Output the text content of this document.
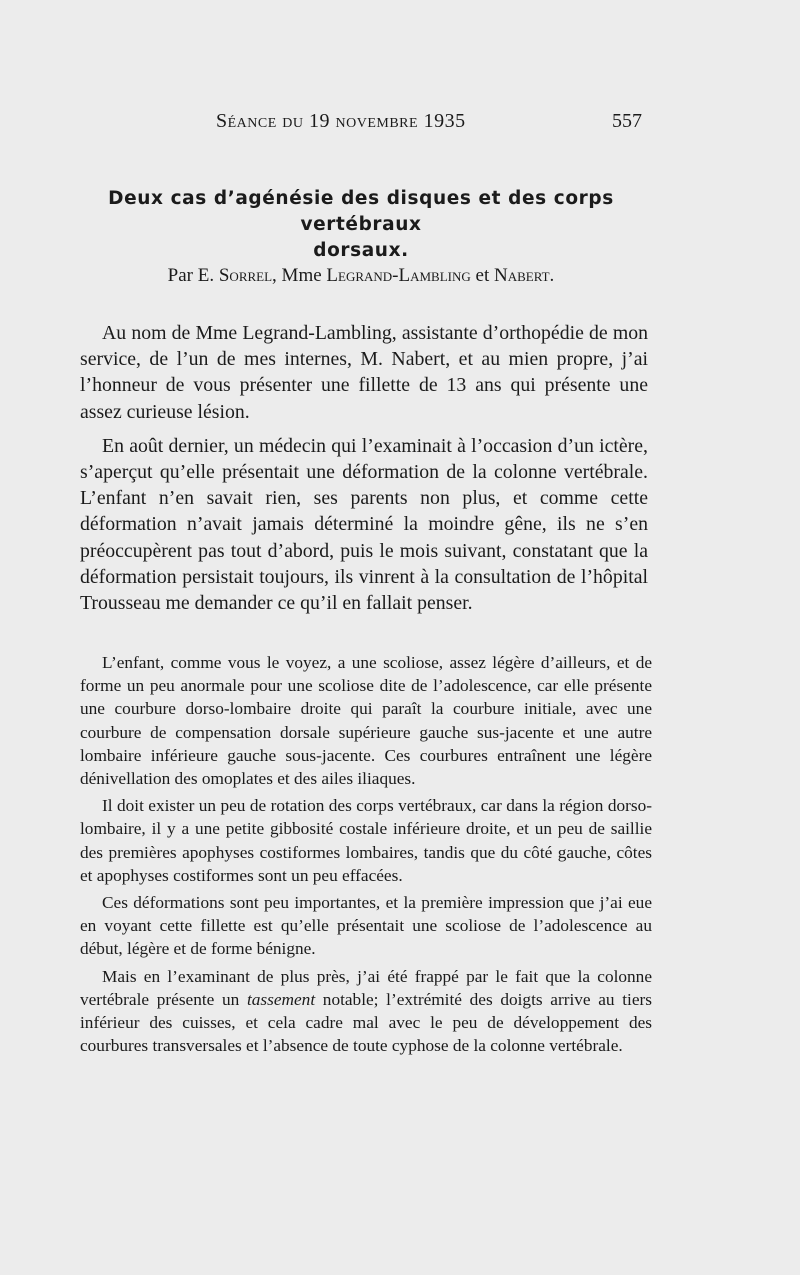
Séance du 19 novembre 1935	557
Deux cas d’agénésie des disques et des corps vertébraux
dorsaux.
Par E. Sorrel, Mme Legrand-Lambling et Nabert.

Au nom de Mme Legrand-Lambling, assistante d’orthopédie de mon service, de l’un de mes internes, M. Nabert, et au mien propre, j’ai l’honneur de vous présenter une fillette de 13 ans qui présente une assez curieuse lésion.

En août dernier, un médecin qui l’examinait à l’occasion d’un ictère, s’aperçut qu’elle présentait une déformation de la colonne vertébrale. L’enfant n’en savait rien, ses parents non plus, et comme cette déformation n’avait jamais déterminé la moindre gêne, ils ne s’en préoccupèrent pas tout d’abord, puis le mois suivant, constatant que la déformation persistait toujours, ils vinrent à la consultation de l’hôpital Trousseau me demander ce qu’il en fallait penser.

L’enfant, comme vous le voyez, a une scoliose, assez légère d’ailleurs, et de forme un peu anormale pour une scoliose dite de l’adolescence, car elle présente une courbure dorso-lombaire droite qui paraît la courbure initiale, avec une courbure de compensation dorsale supérieure gauche sus-jacente et une autre lombaire inférieure gauche sous-jacente. Ces courbures entraînent une légère dénivellation des omoplates et des ailes iliaques.

Il doit exister un peu de rotation des corps vertébraux, car dans la région dorso-lombaire, il y a une petite gibbosité costale inférieure droite, et un peu de saillie des premières apophyses costiformes lombaires, tandis que du côté gauche, côtes et apophyses costiformes sont un peu effacées.

Ces déformations sont peu importantes, et la première impression que j’ai eue en voyant cette fillette est qu’elle présentait une scoliose de l’adolescence au début, légère et de forme bénigne.

Mais en l’examinant de plus près, j’ai été frappé par le fait que la colonne vertébrale présente un tassement notable; l’extrémité des doigts arrive au tiers inférieur des cuisses, et cela cadre mal avec le peu de développement des courbures transversales et l’absence de toute cyphose de la colonne vertébrale.
